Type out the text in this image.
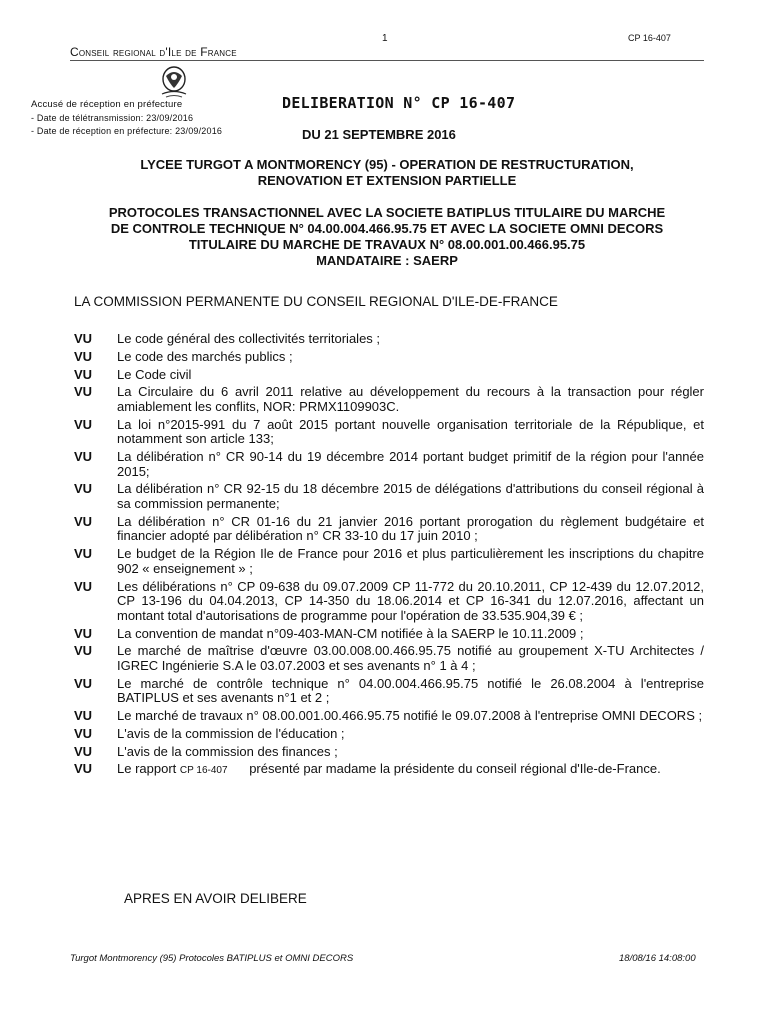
1	CP 16-407
Conseil regional d'Ile de France
Accusé de réception en préfecture
- Date de télétransmission: 23/09/2016
- Date de réception en préfecture: 23/09/2016
DELIBERATION N° CP 16-407
DU 21 SEPTEMBRE 2016
LYCEE TURGOT A MONTMORENCY (95) - OPERATION DE RESTRUCTURATION,
RENOVATION ET EXTENSION PARTIELLE
PROTOCOLES TRANSACTIONNEL AVEC LA SOCIETE BATIPLUS TITULAIRE DU MARCHE
DE CONTROLE TECHNIQUE N° 04.00.004.466.95.75 ET AVEC LA SOCIETE OMNI DECORS
TITULAIRE DU MARCHE DE TRAVAUX N° 08.00.001.00.466.95.75
MANDATAIRE : SAERP
LA COMMISSION PERMANENTE DU CONSEIL REGIONAL D'ILE-DE-FRANCE
VU	Le code général des collectivités territoriales ;
VU	Le code des marchés publics ;
VU	Le Code civil
VU	La Circulaire du 6 avril 2011 relative au développement du recours à la transaction pour régler amiablement les conflits, NOR: PRMX1109903C.
VU	La loi n°2015-991 du 7 août 2015 portant nouvelle organisation territoriale de la République, et notamment son article 133;
VU	La délibération n° CR 90-14 du 19 décembre 2014 portant budget primitif de la région pour l'année 2015;
VU	La délibération n° CR 92-15 du 18 décembre 2015 de délégations d'attributions du conseil régional à sa commission permanente;
VU	La délibération n° CR 01-16 du 21 janvier 2016 portant prorogation du règlement budgétaire et financier adopté par délibération n° CR 33-10 du 17 juin 2010 ;
VU	Le budget de la Région Ile de France pour 2016 et plus particulièrement les inscriptions du chapitre 902 « enseignement » ;
VU	Les délibérations n° CP 09-638 du 09.07.2009 CP 11-772 du 20.10.2011, CP 12-439 du 12.07.2012, CP 13-196 du 04.04.2013, CP 14-350 du 18.06.2014 et CP 16-341 du 12.07.2016, affectant un montant total d'autorisations de programme pour l'opération de 33.535.904,39 € ;
VU	La convention de mandat n°09-403-MAN-CM notifiée à la SAERP le 10.11.2009 ;
VU	Le marché de maîtrise d'œuvre 03.00.008.00.466.95.75 notifié au groupement X-TU Architectes / IGREC Ingénierie S.A le 03.07.2003 et ses avenants n° 1 à 4 ;
VU	Le marché de contrôle technique n° 04.00.004.466.95.75 notifié le 26.08.2004 à l'entreprise BATIPLUS et ses avenants n°1 et 2 ;
VU	Le marché de travaux n° 08.00.001.00.466.95.75 notifié le 09.07.2008 à l'entreprise OMNI DECORS ;
VU	L'avis de la commission de l'éducation ;
VU	L'avis de la commission des finances ;
VU	Le rapport CP 16-407 présenté par madame la présidente du conseil régional d'Ile-de-France.
APRES EN AVOIR DELIBERE
Turgot Montmorency (95) Protocoles BATIPLUS et OMNI DECORS	18/08/16 14:08:00
